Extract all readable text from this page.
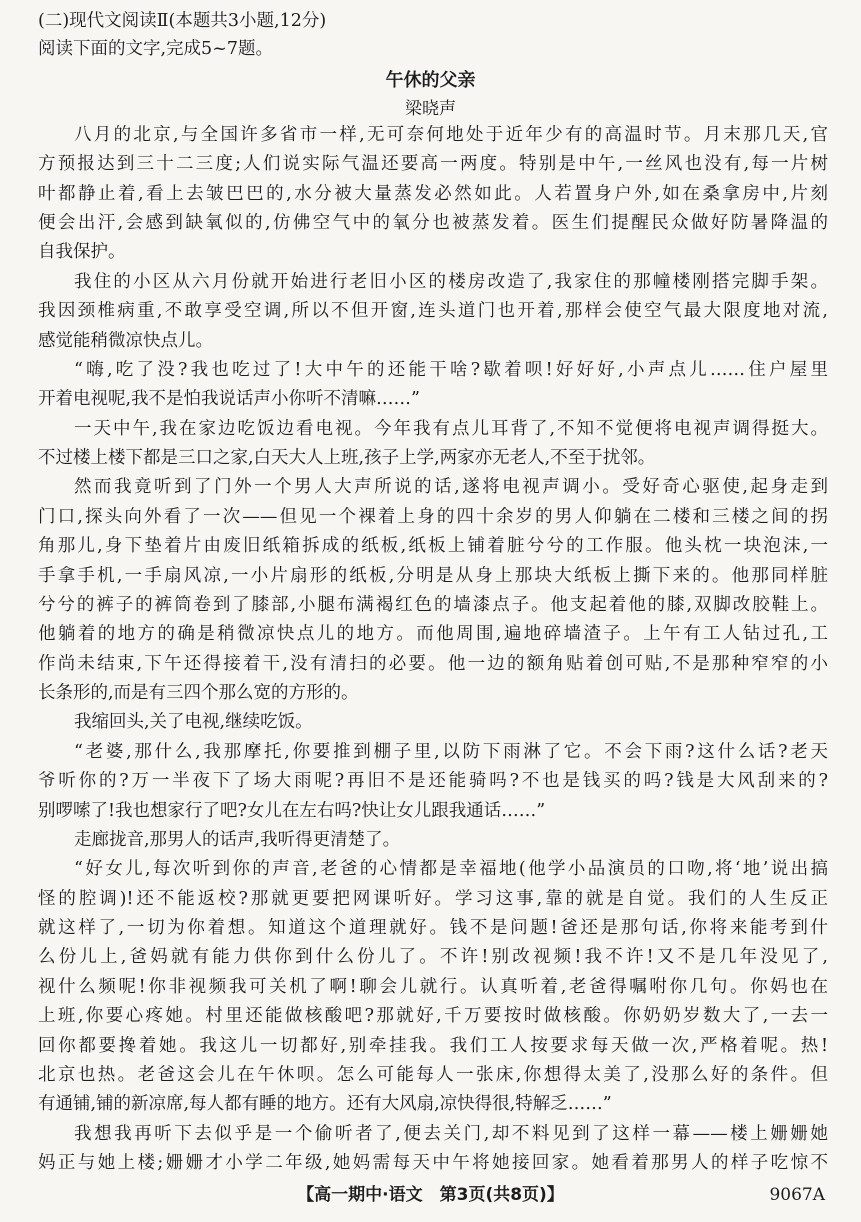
(二)现代文阅读Ⅱ(本题共3小题,12分)
阅读下面的文字,完成5~7题。
午休的父亲
梁晓声
八月的北京,与全国许多省市一样,无可奈何地处于近年少有的高温时节。月末那几天,官
方预报达到三十二三度;人们说实际气温还要高一两度。特别是中午,一丝风也没有,每一片树
叶都静止着,看上去皱巴巴的,水分被大量蒸发必然如此。人若置身户外,如在桑拿房中,片刻
便会出汗,会感到缺氧似的,仿佛空气中的氧分也被蒸发着。医生们提醒民众做好防暑降温的
自我保护。
我住的小区从六月份就开始进行老旧小区的楼房改造了,我家住的那幢楼刚搭完脚手架。
我因颈椎病重,不敢享受空调,所以不但开窗,连头道门也开着,那样会使空气最大限度地对流,
感觉能稍微凉快点儿。
“嗨,吃了没?我也吃过了!大中午的还能干啥?歇着呗!好好好,小声点儿……住户屋里
开着电视呢,我不是怕我说话声小你听不清嘛……”
一天中午,我在家边吃饭边看电视。今年我有点儿耳背了,不知不觉便将电视声调得挺大。
不过楼上楼下都是三口之家,白天大人上班,孩子上学,两家亦无老人,不至于扰邻。
然而我竟听到了门外一个男人大声所说的话,遂将电视声调小。受好奇心驱使,起身走到
门口,探头向外看了一次——但见一个裸着上身的四十余岁的男人仰躺在二楼和三楼之间的拐
角那儿,身下垫着片由废旧纸箱拆成的纸板,纸板上铺着脏兮兮的工作服。他头枕一块泡沫,一
手拿手机,一手扇风凉,一小片扇形的纸板,分明是从身上那块大纸板上撕下来的。他那同样脏
兮兮的裤子的裤筒卷到了膝部,小腿布满褐红色的墙漆点子。他支起着他的膝,双脚改胶鞋上。
他躺着的地方的确是稍微凉快点儿的地方。而他周围,遍地碎墙渣子。上午有工人钻过孔,工
作尚未结束,下午还得接着干,没有清扫的必要。他一边的额角贴着创可贴,不是那种窄窄的小
长条形的,而是有三四个那么宽的方形的。
我缩回头,关了电视,继续吃饭。
“老婆,那什么,我那摩托,你要推到棚子里,以防下雨淋了它。不会下雨?这什么话?老天
爷听你的?万一半夜下了场大雨呢?再旧不是还能骑吗?不也是钱买的吗?钱是大风刮来的?
别啰嗦了!我也想家行了吧?女儿在左右吗?快让女儿跟我通话……”
走廊拢音,那男人的话声,我听得更清楚了。
“好女儿,每次听到你的声音,老爸的心情都是幸福地(他学小品演员的口吻,将‘地’说出搞
怪的腔调)!还不能返校?那就更要把网课听好。学习这事,靠的就是自觉。我们的人生反正
就这样了,一切为你着想。知道这个道理就好。钱不是问题!爸还是那句话,你将来能考到什
么份儿上,爸妈就有能力供你到什么份儿了。不许!别改视频!我不许!又不是几年没见了,
视什么频呢!你非视频我可关机了啊!聊会儿就行。认真听着,老爸得嘱咐你几句。你妈也在
上班,你要心疼她。村里还能做核酸吧?那就好,千万要按时做核酸。你奶奶岁数大了,一去一
回你都要搀着她。我这儿一切都好,别牵挂我。我们工人按要求每天做一次,严格着呢。热!
北京也热。老爸这会儿在午休呗。怎么可能每人一张床,你想得太美了,没那么好的条件。但
有通铺,铺的新凉席,每人都有睡的地方。还有大风扇,凉快得很,特解乏……”
我想我再听下去似乎是一个偷听者了,便去关门,却不料见到了这样一幕——楼上姗姗她
妈正与她上楼;姗姗才小学二年级,她妈需每天中午将她接回家。她看着那男人的样子吃惊不
【高一期中·语文　第3页(共8页)】	9067A
